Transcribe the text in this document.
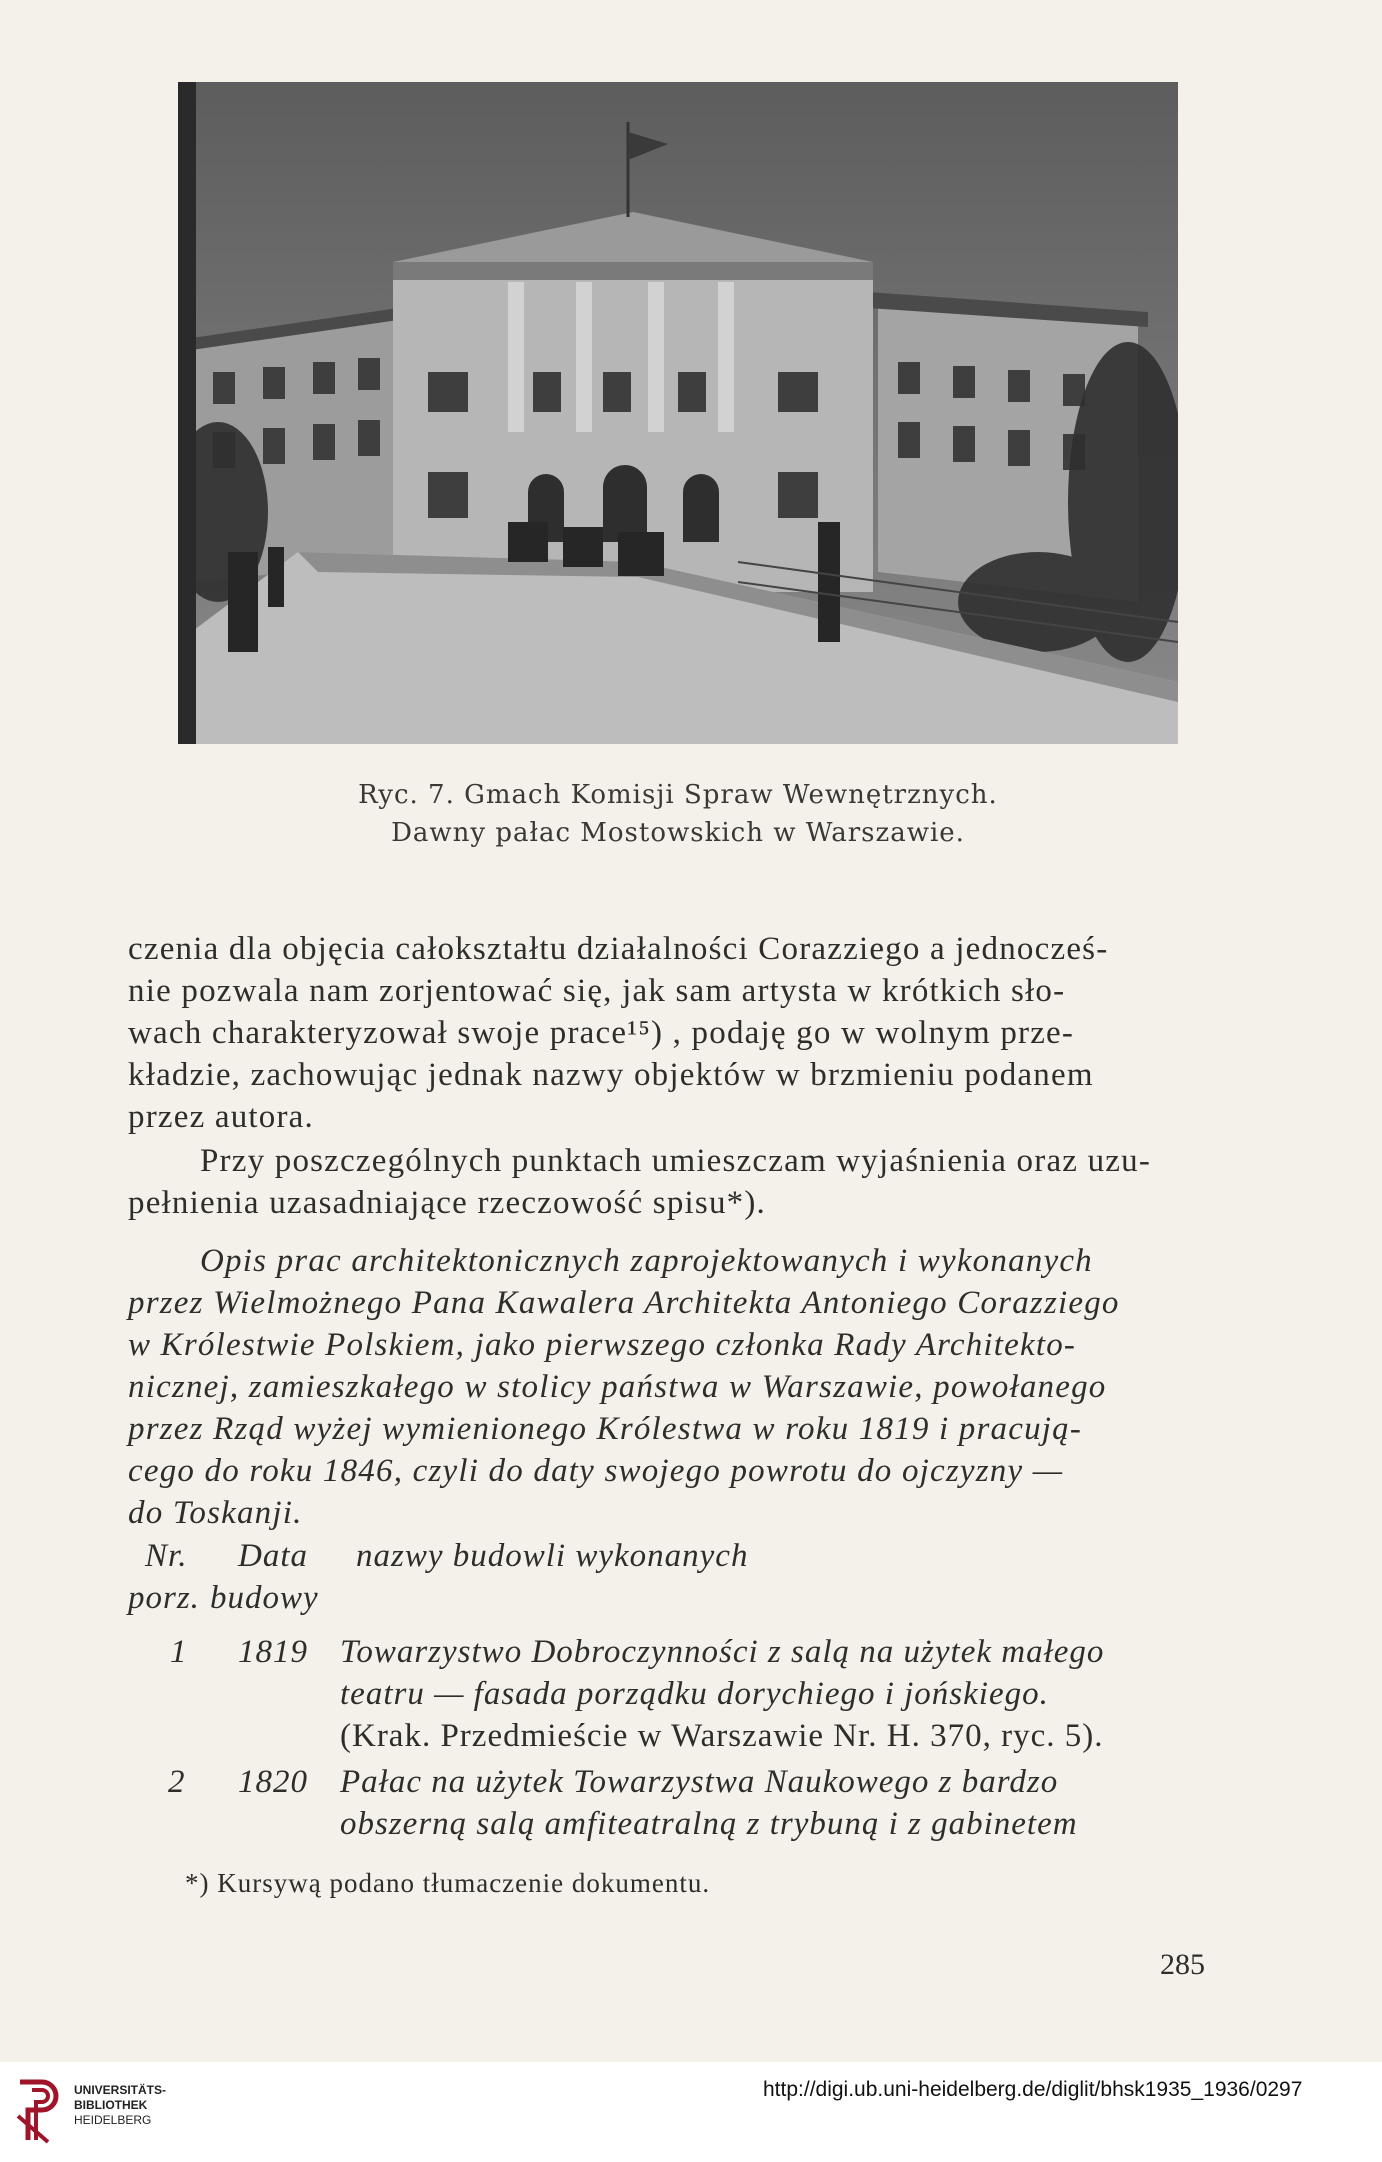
Ryc. 7. Gmach Komisji Spraw Wewnętrznych.
Dawny pałac Mostowskich w Warszawie.
czenia dla objęcia całokształtu działalności Corazziego a jednocześ-
nie pozwala nam zorjentować się, jak sam artysta w krótkich sło-
wach charakteryzował swoje prace¹⁵) , podaję go w wolnym prze-
kładzie, zachowując jednak nazwy objektów w brzmieniu podanem
przez autora.
Przy poszczególnych punktach umieszczam wyjaśnienia oraz uzu-
pełnienia uzasadniające rzeczowość spisu*).
Opis prac architektonicznych zaprojektowanych i wykonanych
przez Wielmożnego Pana Kawalera Architekta Antoniego Corazziego
w Królestwie Polskiem, jako pierwszego członka Rady Architekto-
nicznej, zamieszkałego w stolicy państwa w Warszawie, powołanego
przez Rząd wyżej wymienionego Królestwa w roku 1819 i pracują-
cego do roku 1846, czyli do daty swojego powrotu do ojczyzny —
do Toskanji.
Nr. Data nazwy budowli wykonanych
porz. budowy
1 1819 Towarzystwo Dobroczynności z salą na użytek małego
teatru — fasada porządku dorychiego i jońskiego.
(Krak. Przedmieście w Warszawie Nr. H. 370, ryc. 5).
2 1820 Pałac na użytek Towarzystwa Naukowego z bardzo
obszerną salą amfiteatralną z trybuną i z gabinetem
*) Kursywą podano tłumaczenie dokumentu.
285
UNIVERSITÄTS-
BIBLIOTHEK
HEIDELBERG
http://digi.ub.uni-heidelberg.de/diglit/bhsk1935_1936/0297
